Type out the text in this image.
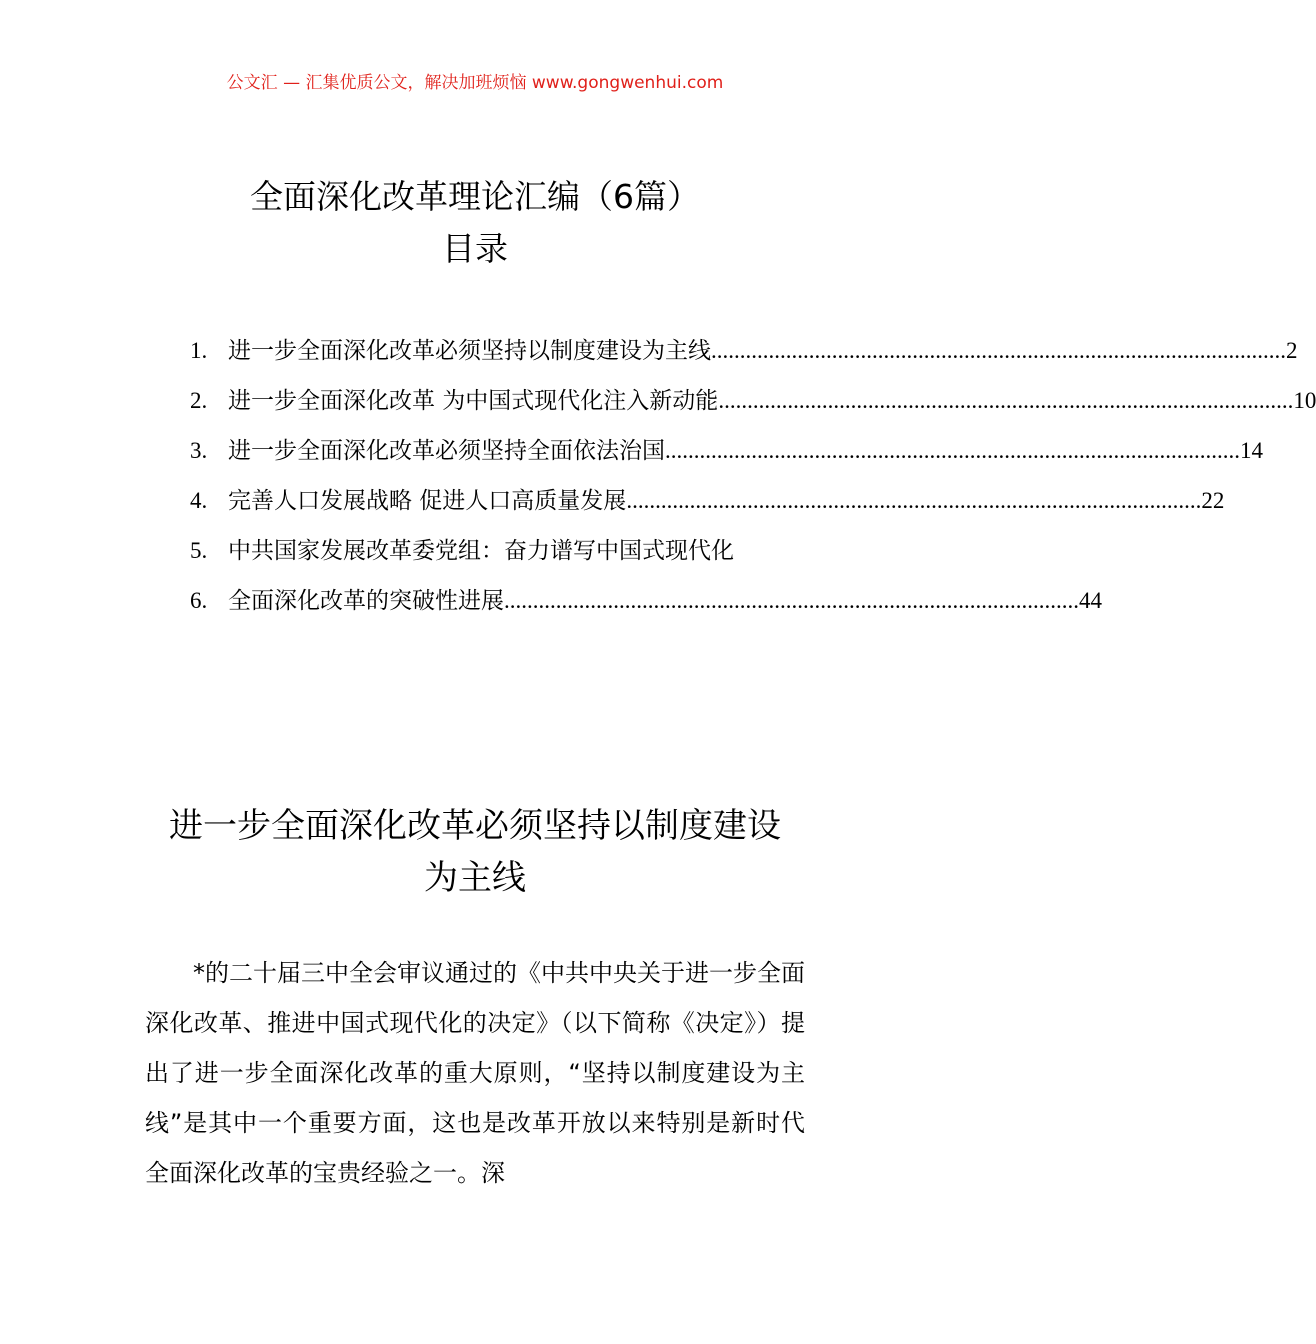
公文汇 — 汇集优质公文，解决加班烦恼 www.gongwenhui.com
全面深化改革理论汇编（6篇）
目录
1. 进一步全面深化改革必须坚持以制度建设为主线 .................................................................................................... 2
2. 进一步全面深化改革 为中国式现代化注入新动能 .................................................................................................... 10
3. 进一步全面深化改革必须坚持全面依法治国 .................................................................................................... 14
4. 完善人口发展战略 促进人口高质量发展 .................................................................................................... 22
5. 中共国家发展改革委党组：奋力谱写中国式现代化
6. 全面深化改革的突破性进展 .................................................................................................... 44
进一步全面深化改革必须坚持以制度建设
为主线
*的二十届三中全会审议通过的《中共中央关于进一步全面深化改革、推进中国式现代化的决定》（以下简称《决定》）提出了进一步全面深化改革的重大原则，“坚持以制度建设为主线”是其中一个重要方面，这也是改革开放以来特别是新时代全面深化改革的宝贵经验之一。深
